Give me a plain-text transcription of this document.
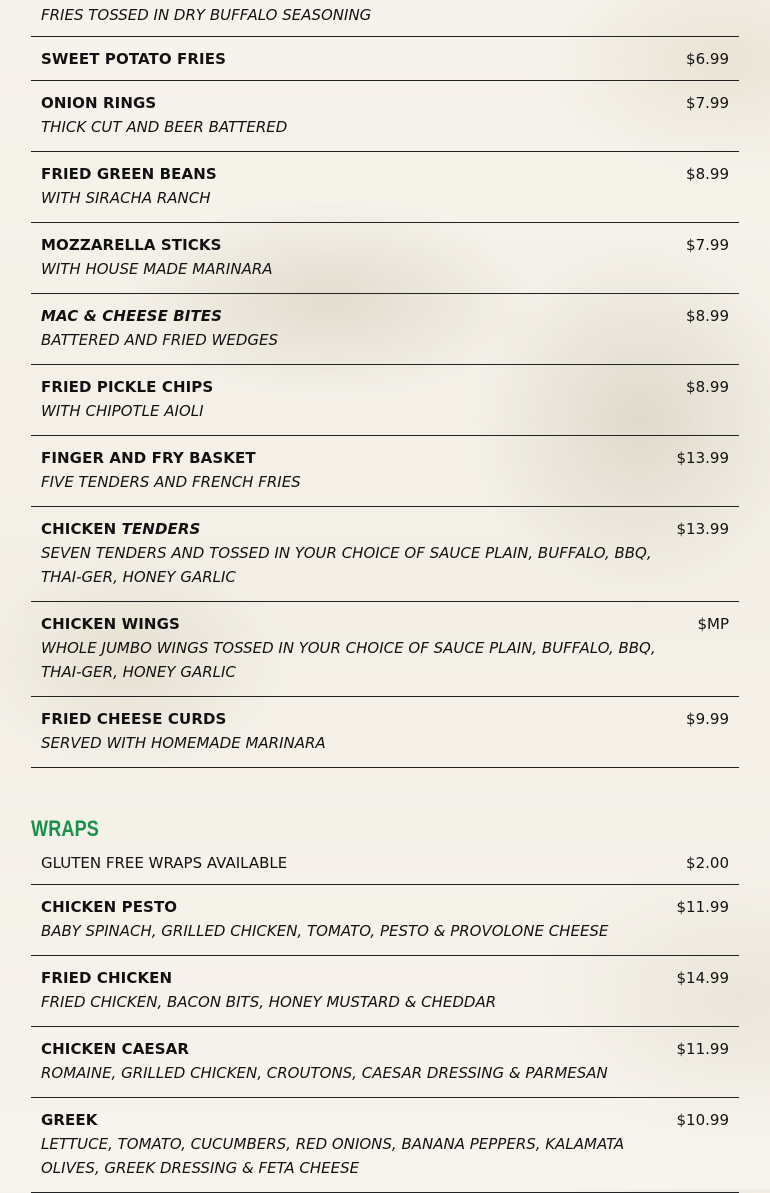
FRIES TOSSED IN DRY BUFFALO SEASONING
SWEET POTATO FRIES	$6.99
ONION RINGS
THICK CUT AND BEER BATTERED
$7.99
FRIED GREEN BEANS
WITH SIRACHA RANCH
$8.99
MOZZARELLA STICKS
WITH HOUSE MADE MARINARA
$7.99
MAC & CHEESE BITES
BATTERED AND FRIED WEDGES
$8.99
FRIED PICKLE CHIPS
WITH CHIPOTLE AIOLI
$8.99
FINGER AND FRY BASKET
FIVE TENDERS AND FRENCH FRIES
$13.99
CHICKEN TENDERS
SEVEN TENDERS AND TOSSED IN YOUR CHOICE OF SAUCE PLAIN, BUFFALO, BBQ, THAI-GER, HONEY GARLIC
$13.99
CHICKEN WINGS
WHOLE JUMBO WINGS TOSSED IN YOUR CHOICE OF SAUCE PLAIN, BUFFALO, BBQ, THAI-GER, HONEY GARLIC
$MP
FRIED CHEESE CURDS
SERVED WITH HOMEMADE MARINARA
$9.99
WRAPS
GLUTEN FREE WRAPS AVAILABLE	$2.00
CHICKEN PESTO
BABY SPINACH, GRILLED CHICKEN, TOMATO, PESTO & PROVOLONE CHEESE
$11.99
FRIED CHICKEN
FRIED CHICKEN, BACON BITS, HONEY MUSTARD & CHEDDAR
$14.99
CHICKEN CAESAR
ROMAINE, GRILLED CHICKEN, CROUTONS, CAESAR DRESSING & PARMESAN
$11.99
GREEK
LETTUCE, TOMATO, CUCUMBERS, RED ONIONS, BANANA PEPPERS, KALAMATA OLIVES, GREEK DRESSING & FETA CHEESE
$10.99
